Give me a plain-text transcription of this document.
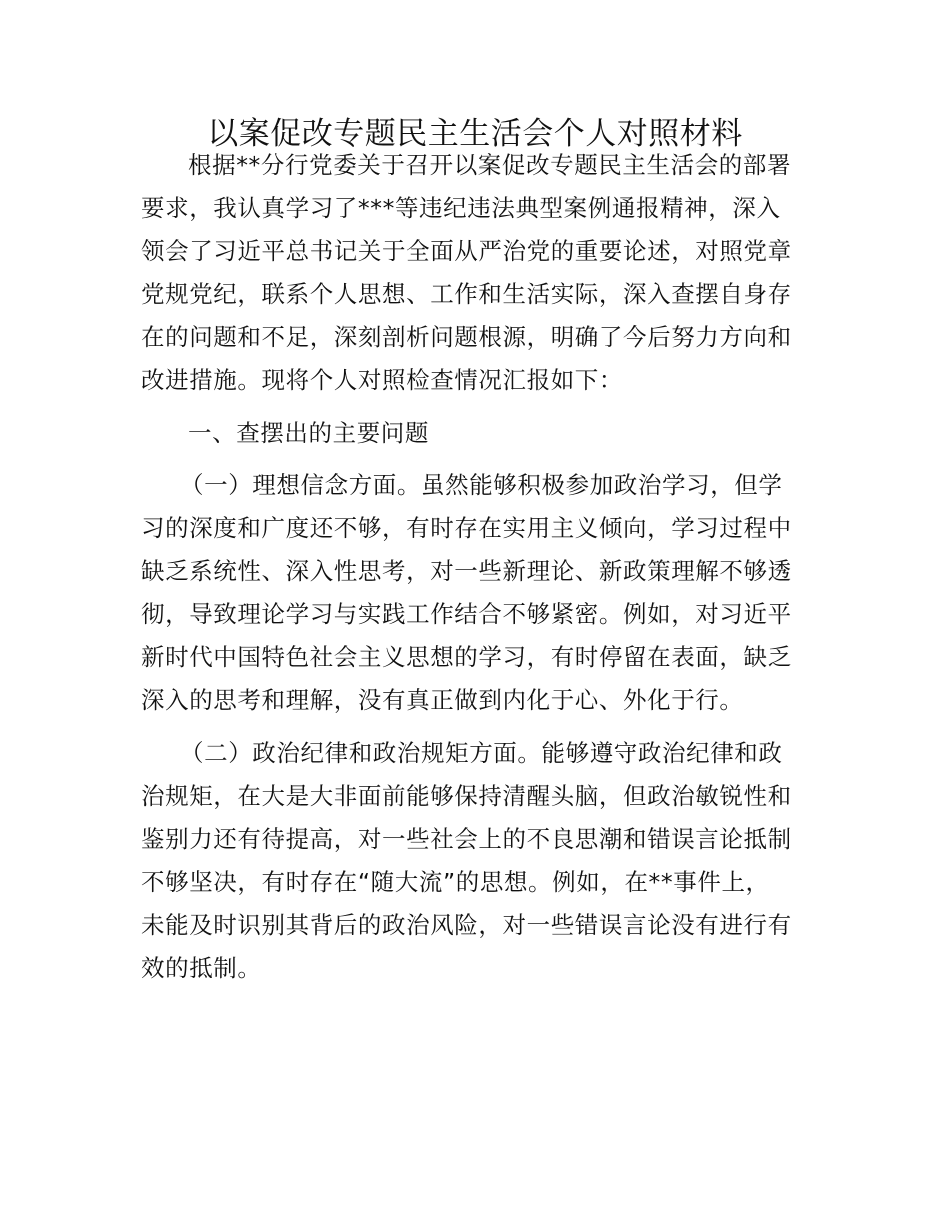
以案促改专题民主生活会个人对照材料
根据**分行党委关于召开以案促改专题民主生活会的部署
要求，我认真学习了***等违纪违法典型案例通报精神，深入
领会了习近平总书记关于全面从严治党的重要论述，对照党章
党规党纪，联系个人思想、工作和生活实际，深入查摆自身存
在的问题和不足，深刻剖析问题根源，明确了今后努力方向和
改进措施。现将个人对照检查情况汇报如下：
一、查摆出的主要问题
（一）理想信念方面。虽然能够积极参加政治学习，但学
习的深度和广度还不够，有时存在实用主义倾向，学习过程中
缺乏系统性、深入性思考，对一些新理论、新政策理解不够透
彻，导致理论学习与实践工作结合不够紧密。例如，对习近平
新时代中国特色社会主义思想的学习，有时停留在表面，缺乏
深入的思考和理解，没有真正做到内化于心、外化于行。
（二）政治纪律和政治规矩方面。能够遵守政治纪律和政
治规矩，在大是大非面前能够保持清醒头脑，但政治敏锐性和
鉴别力还有待提高，对一些社会上的不良思潮和错误言论抵制
不够坚决，有时存在“随大流”的思想。例如，在**事件上，
未能及时识别其背后的政治风险，对一些错误言论没有进行有
效的抵制。
